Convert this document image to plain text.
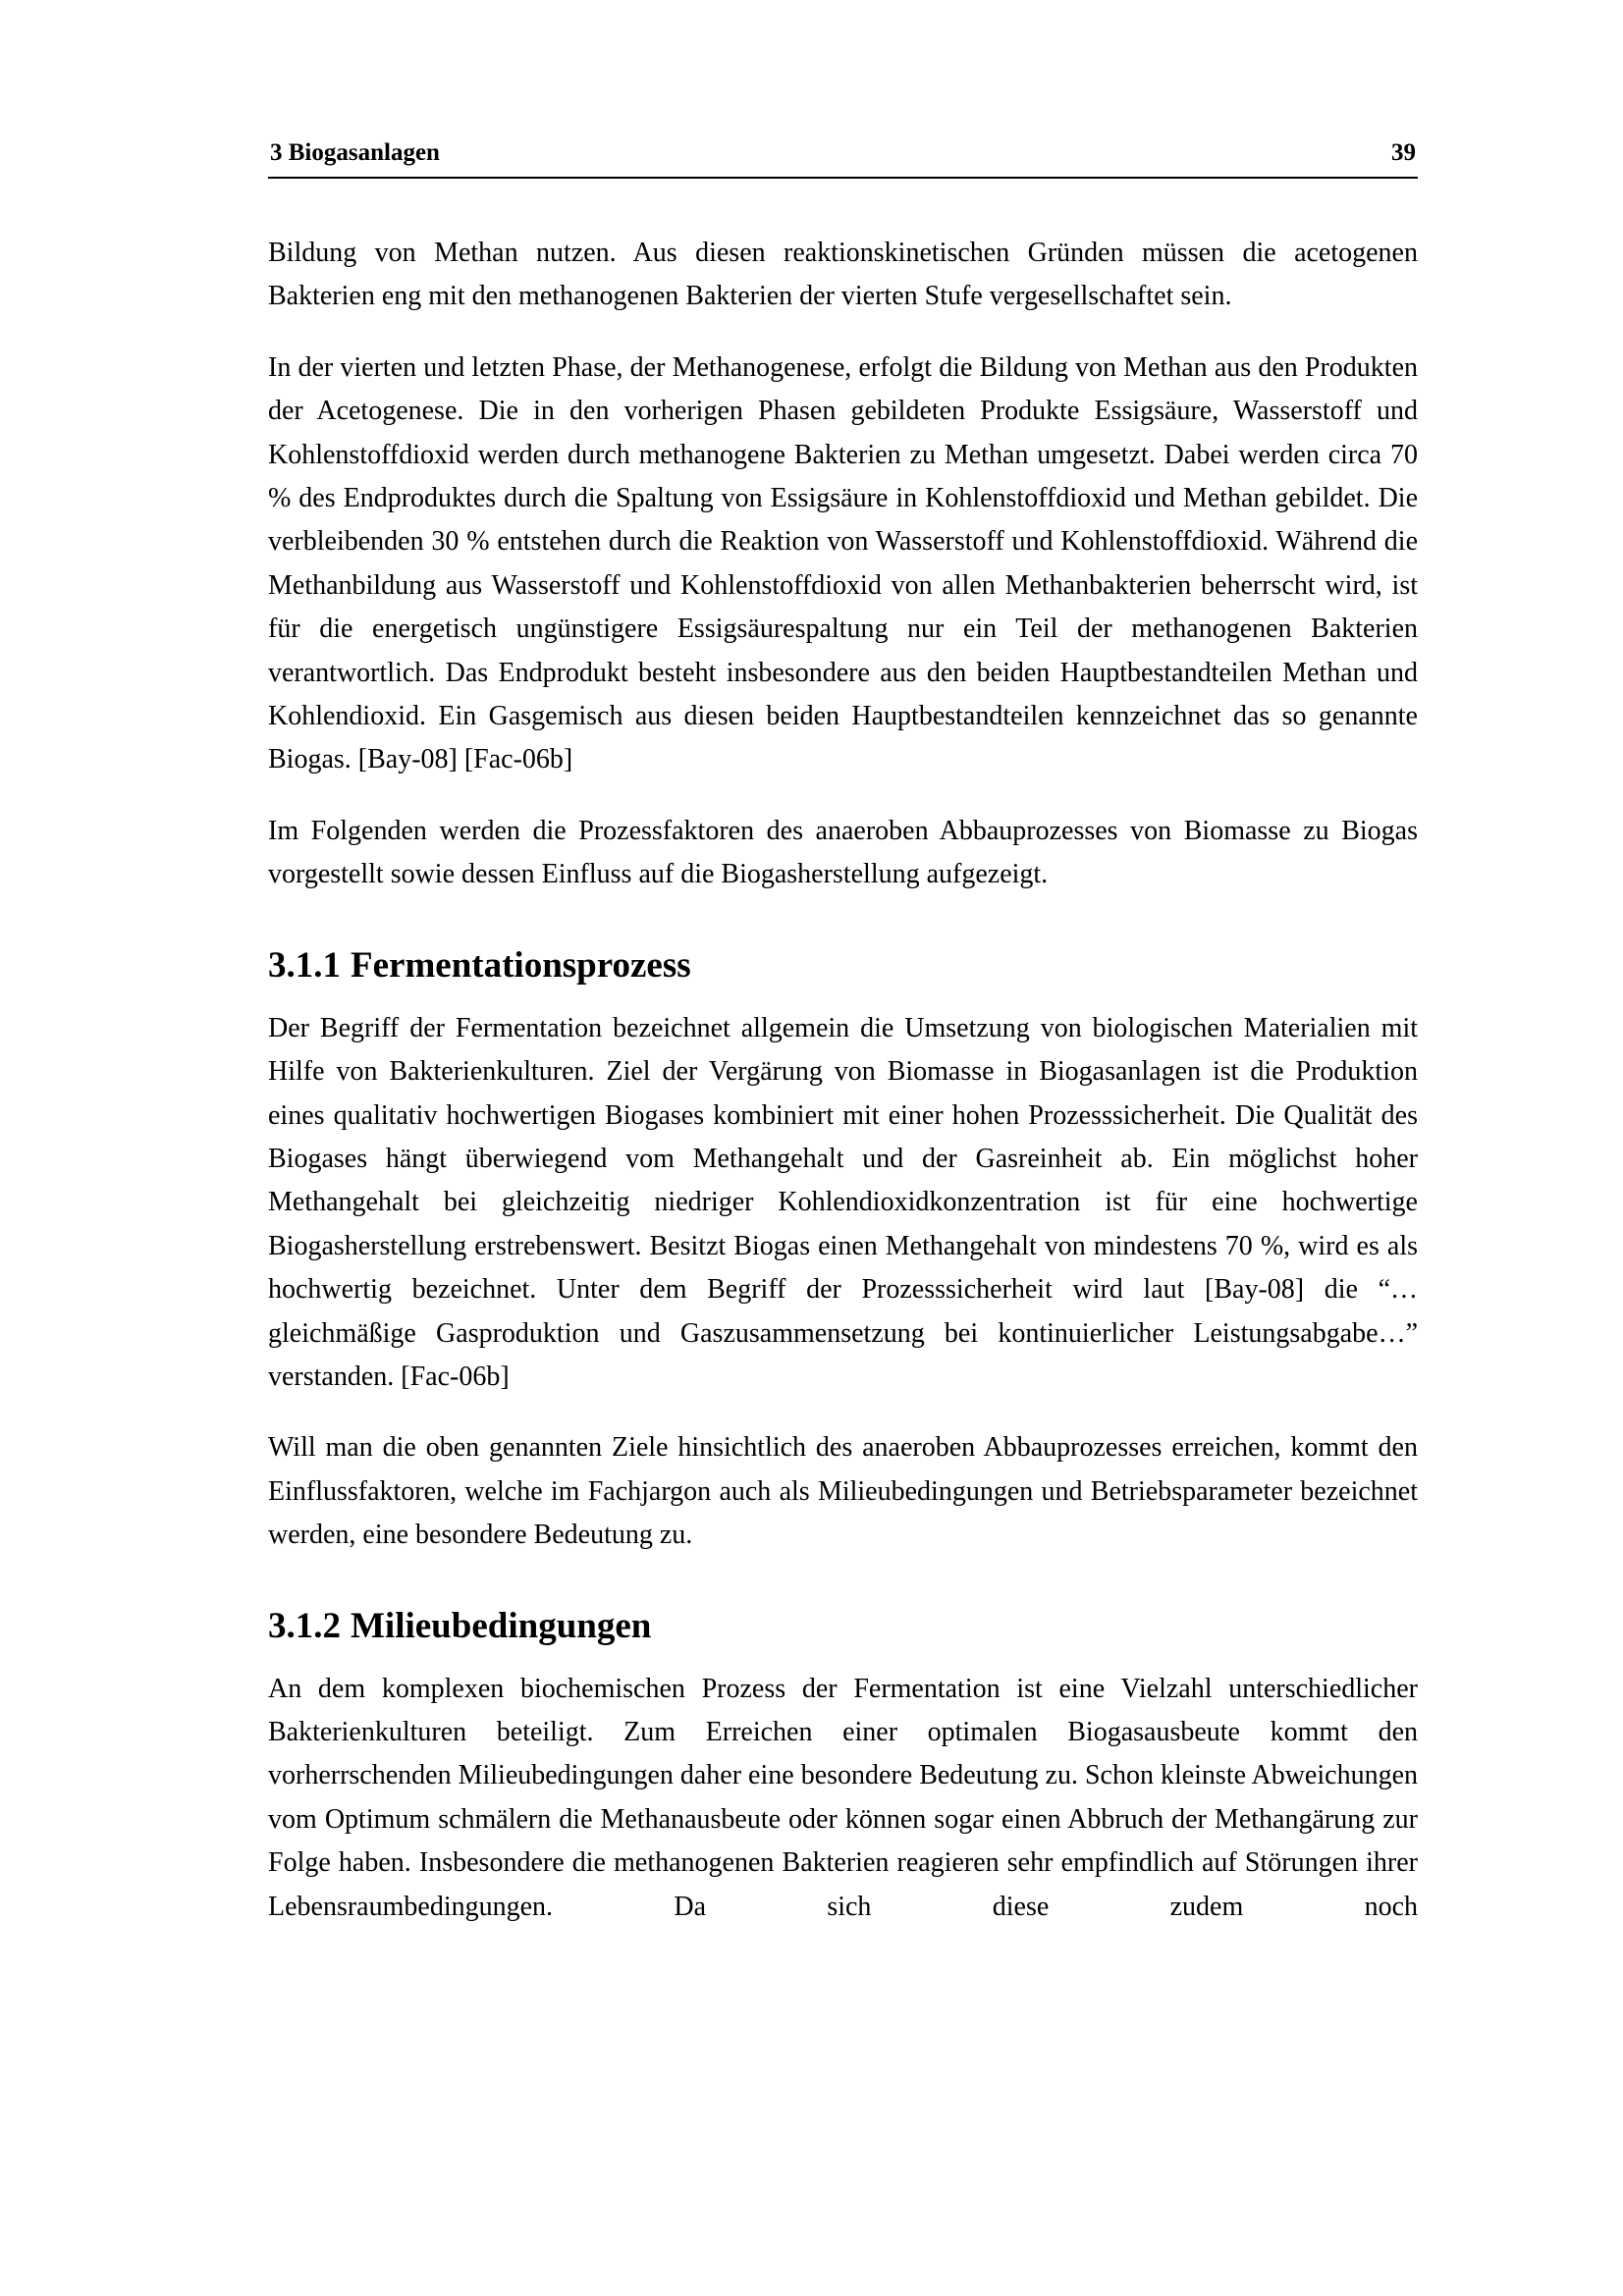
3 Biogasanlagen	39

Bildung von Methan nutzen. Aus diesen reaktionskinetischen Gründen müssen die acetogenen Bakterien eng mit den methanogenen Bakterien der vierten Stufe vergesellschaftet sein.

In der vierten und letzten Phase, der Methanogenese, erfolgt die Bildung von Methan aus den Produkten der Acetogenese. Die in den vorherigen Phasen gebildeten Produkte Essigsäure, Wasserstoff und Kohlenstoffdioxid werden durch methanogene Bakterien zu Methan umgesetzt. Dabei werden circa 70 % des Endproduktes durch die Spaltung von Essigsäure in Kohlenstoffdioxid und Methan gebildet. Die verbleibenden 30 % entstehen durch die Reaktion von Wasserstoff und Kohlenstoffdioxid. Während die Methanbildung aus Wasserstoff und Kohlenstoffdioxid von allen Methanbakterien beherrscht wird, ist für die energetisch ungünstigere Essigsäurespaltung nur ein Teil der methanogenen Bakterien verantwortlich. Das Endprodukt besteht insbesondere aus den beiden Hauptbestandteilen Methan und Kohlendioxid. Ein Gasgemisch aus diesen beiden Hauptbestandteilen kennzeichnet das so genannte Biogas. [Bay-08] [Fac-06b]

Im Folgenden werden die Prozessfaktoren des anaeroben Abbauprozesses von Biomasse zu Biogas vorgestellt sowie dessen Einfluss auf die Biogasherstellung aufgezeigt.

3.1.1 Fermentationsprozess

Der Begriff der Fermentation bezeichnet allgemein die Umsetzung von biologischen Materialien mit Hilfe von Bakterienkulturen. Ziel der Vergärung von Biomasse in Biogasanlagen ist die Produktion eines qualitativ hochwertigen Biogases kombiniert mit einer hohen Prozesssicherheit. Die Qualität des Biogases hängt überwiegend vom Methangehalt und der Gasreinheit ab. Ein möglichst hoher Methangehalt bei gleichzeitig niedriger Kohlendioxidkonzentration ist für eine hochwertige Biogasherstellung erstrebenswert. Besitzt Biogas einen Methangehalt von mindestens 70 %, wird es als hochwertig bezeichnet. Unter dem Begriff der Prozesssicherheit wird laut [Bay-08] die “…gleichmäßige Gasproduktion und Gaszusammensetzung bei kontinuierlicher Leistungsabgabe…” verstanden. [Fac-06b]

Will man die oben genannten Ziele hinsichtlich des anaeroben Abbauprozesses erreichen, kommt den Einflussfaktoren, welche im Fachjargon auch als Milieubedingungen und Betriebsparameter bezeichnet werden, eine besondere Bedeutung zu.

3.1.2 Milieubedingungen

An dem komplexen biochemischen Prozess der Fermentation ist eine Vielzahl unterschiedlicher Bakterienkulturen beteiligt. Zum Erreichen einer optimalen Biogasausbeute kommt den vorherrschenden Milieubedingungen daher eine besondere Bedeutung zu. Schon kleinste Abweichungen vom Optimum schmälern die Methanausbeute oder können sogar einen Abbruch der Methangärung zur Folge haben. Insbesondere die methanogenen Bakterien reagieren sehr empfindlich auf Störungen ihrer Lebensraumbedingungen. Da sich diese zudem noch
